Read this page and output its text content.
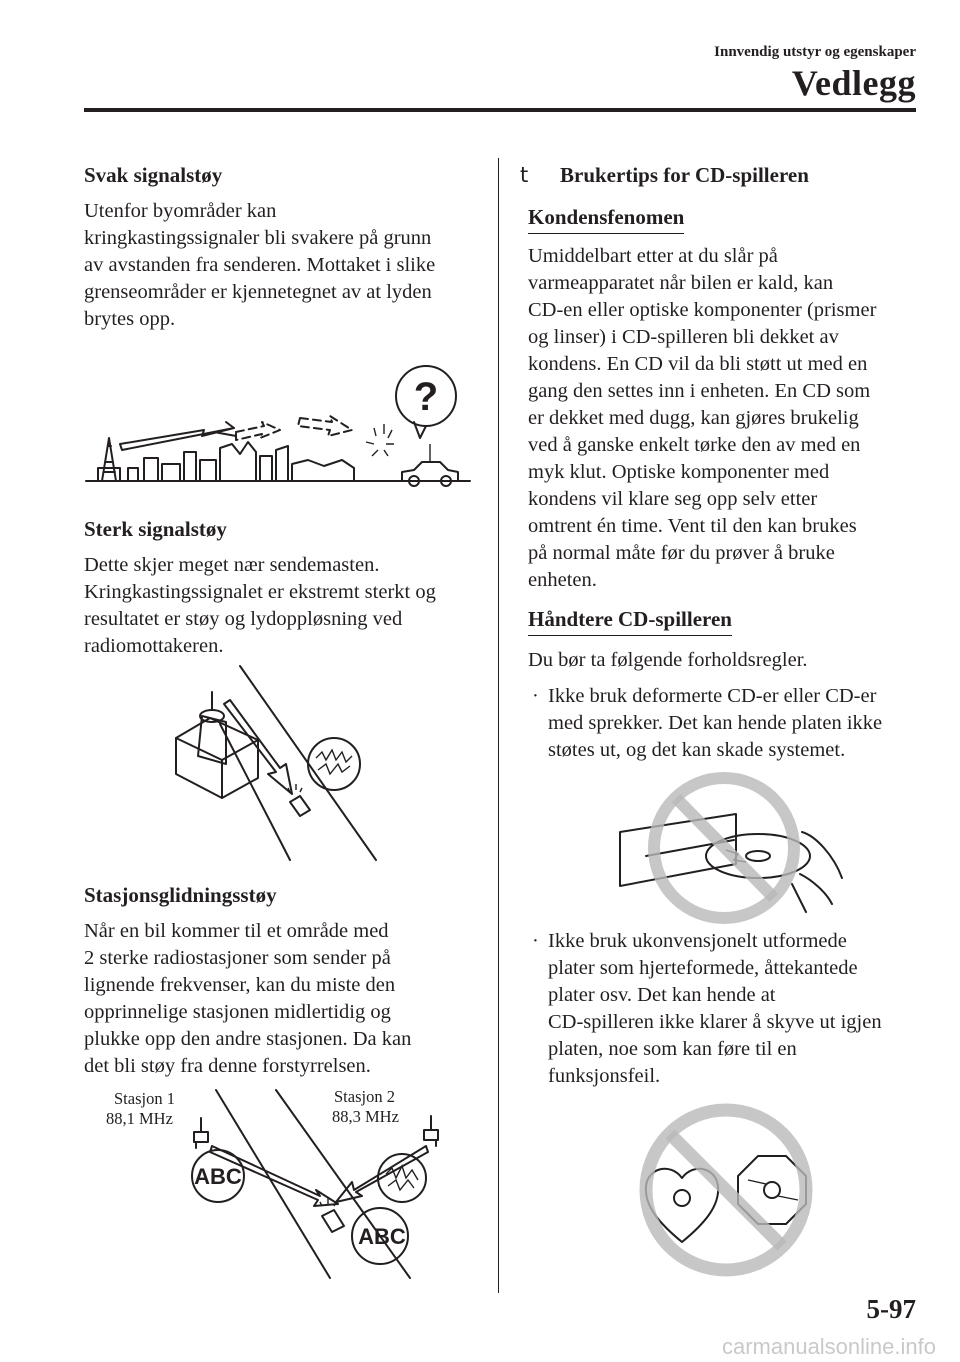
Innvendig utstyr og egenskaper
Vedlegg

Svak signalstøy

Utenfor byområder kan

kringkastingssignaler bli svakere på grunn

av avstanden fra senderen. Mottaket i slike

grenseområder er kjennetegnet av at lyden

brytes opp.

?

Sterk signalstøy

Dette skjer meget nær sendemasten.

Kringkastingssignalet er ekstremt sterkt og

resultatet er støy og lydoppløsning ved

radiomottakeren.

Stasjonsglidningsstøy

Når en bil kommer til et område med

2 sterke radiostasjoner som sender på

lignende frekvenser, kan du miste den

opprinnelige stasjonen midlertidig og

plukke opp den andre stasjonen. Da kan

det bli støy fra denne forstyrrelsen.

Stasjon 1
88,1 MHz
Stasjon 2
88,3 MHz
ABC
ABC

t Brukertips for CD-spilleren

Kondensfenomen

Umiddelbart etter at du slår på

varmeapparatet når bilen er kald, kan

CD-en eller optiske komponenter (prismer

og linser) i CD-spilleren bli dekket av

kondens. En CD vil da bli støtt ut med en

gang den settes inn i enheten. En CD som

er dekket med dugg, kan gjøres brukelig

ved å ganske enkelt tørke den av med en

myk klut. Optiske komponenter med

kondens vil klare seg opp selv etter

omtrent én time. Vent til den kan brukes

på normal måte før du prøver å bruke

enheten.

Håndtere CD-spilleren

Du bør ta følgende forholdsregler.

· Ikke bruk deformerte CD-er eller CD-er

med sprekker. Det kan hende platen ikke

støtes ut, og det kan skade systemet.

· Ikke bruk ukonvensjonelt utformede

plater som hjerteformede, åttekantede

plater osv. Det kan hende at

CD-spilleren ikke klarer å skyve ut igjen

platen, noe som kan føre til en

funksjonsfeil.

5-97
carmanualsonline.info
